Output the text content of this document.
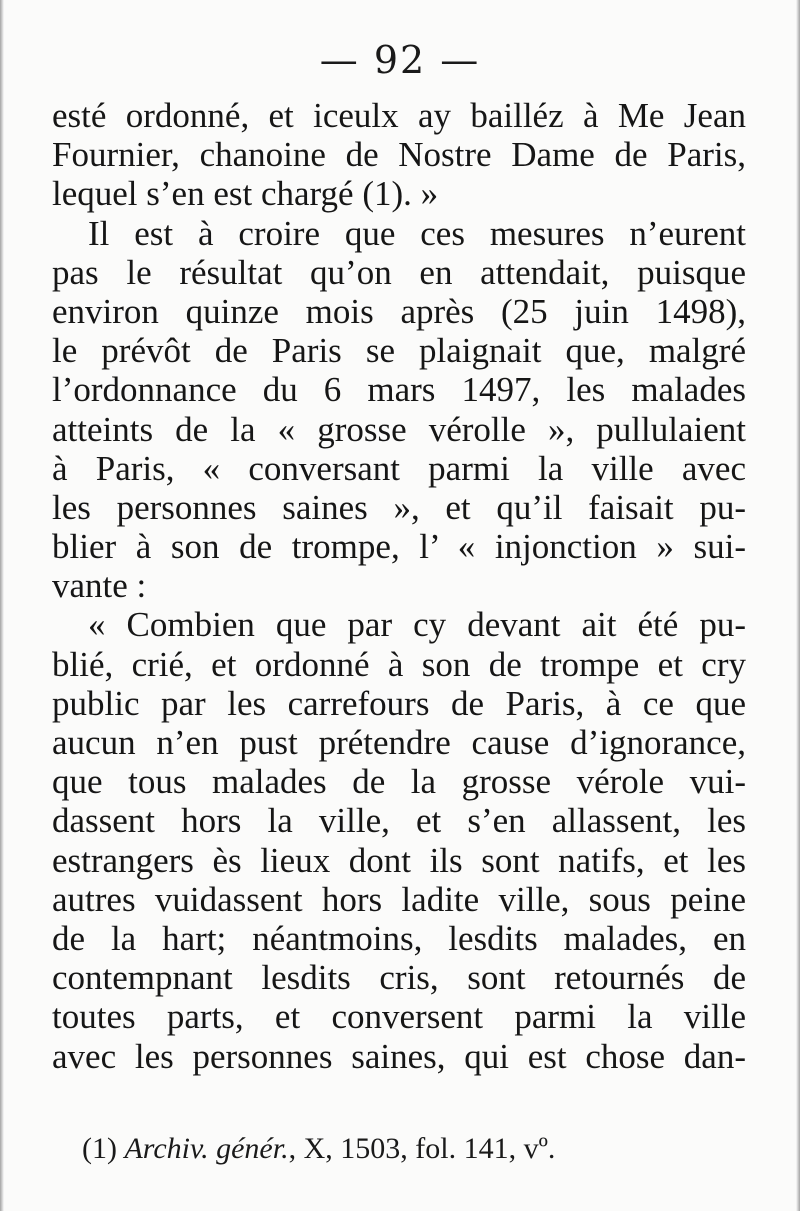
— 92 —
esté ordonné, et iceulx ay bailléz à Me Jean
Fournier, chanoine de Nostre Dame de Paris,
lequel s’en est chargé (1). »
Il est à croire que ces mesures n’eurent
pas le résultat qu’on en attendait, puisque
environ quinze mois après (25 juin 1498),
le prévôt de Paris se plaignait que, malgré
l’ordonnance du 6 mars 1497, les malades
atteints de la « grosse vérolle », pullulaient
à Paris, « conversant parmi la ville avec
les personnes saines », et qu’il faisait pu-
blier à son de trompe, l’ « injonction » sui-
vante :
« Combien que par cy devant ait été pu-
blié, crié, et ordonné à son de trompe et cry
public par les carrefours de Paris, à ce que
aucun n’en pust prétendre cause d’ignorance,
que tous malades de la grosse vérole vui-
dassent hors la ville, et s’en allassent, les
estrangers ès lieux dont ils sont natifs, et les
autres vuidassent hors ladite ville, sous peine
de la hart; néantmoins, lesdits malades, en
contempnant lesdits cris, sont retournés de
toutes parts, et conversent parmi la ville
avec les personnes saines, qui est chose dan-
(1) Archiv. génér., X, 1503, fol. 141, vº.
